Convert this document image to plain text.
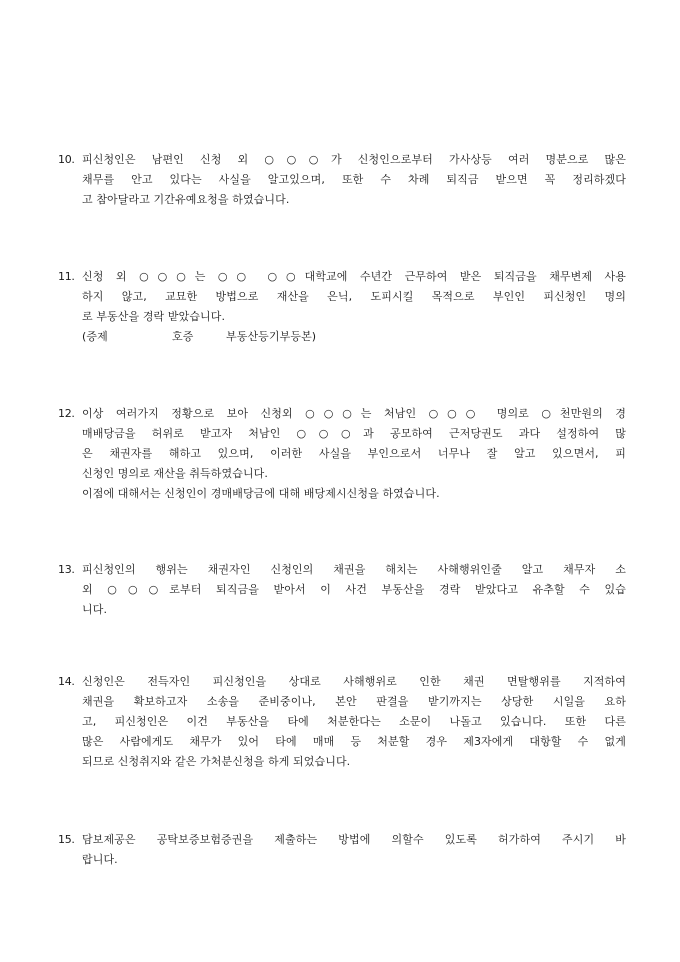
10. 피신청인은 남편인 신청 외 ○○○가 신청인으로부터 가사상등 여러 명분으로 많은
채무를 안고 있다는 사실을 알고있으며, 또한 수 차례 퇴직금 받으면 꼭 정리하겠다
고 참아달라고 기간유예요청을 하였습니다.
11. 신청 외 ○○○는 ○○ ○○대학교에 수년간 근무하여 받은 퇴직금을 채무변제 사용
하지 않고, 교묘한 방법으로 재산을 은닉, 도피시킬 목적으로 부인인 피신청인 명의
로 부동산을 경락 받았습니다.
(증제	호증	부동산등기부등본)
12. 이상 여러가지 정황으로 보아 신청외 ○○○는 처남인 ○○○ 명의로 ○천만원의 경
매배당금을 허위로 받고자 처남인 ○○○과 공모하여 근저당권도 과다 설정하여 많
은 채권자를 해하고 있으며, 이러한 사실을 부인으로서 너무나 잘 알고 있으면서, 피
신청인 명의로 재산을 취득하였습니다.
이점에 대해서는 신청인이 경매배당금에 대해 배당제시신청을 하였습니다.
13. 피신청인의 행위는 채권자인 신청인의 채권을 해치는 사해행위인줄 알고 채무자 소
외 ○○○로부터 퇴직금을 받아서 이 사건 부동산을 경락 받았다고 유추할 수 있습
니다.
14. 신청인은 전득자인 피신청인을 상대로 사해행위로 인한 채권 면탈행위를 지적하여
채권을 확보하고자 소송을 준비중이나, 본안 판결을 받기까지는 상당한 시일을 요하
고, 피신청인은 이건 부동산을 타에 처분한다는 소문이 나돌고 있습니다. 또한 다른
많은 사람에게도 채무가 있어 타에 매매 등 처분할 경우 제3자에게 대항할 수 없게
되므로 신청취지와 같은 가처분신청을 하게 되었습니다.
15. 담보제공은 공탁보증보험증권을 제출하는 방법에 의할수 있도록 허가하여 주시기 바
랍니다.
